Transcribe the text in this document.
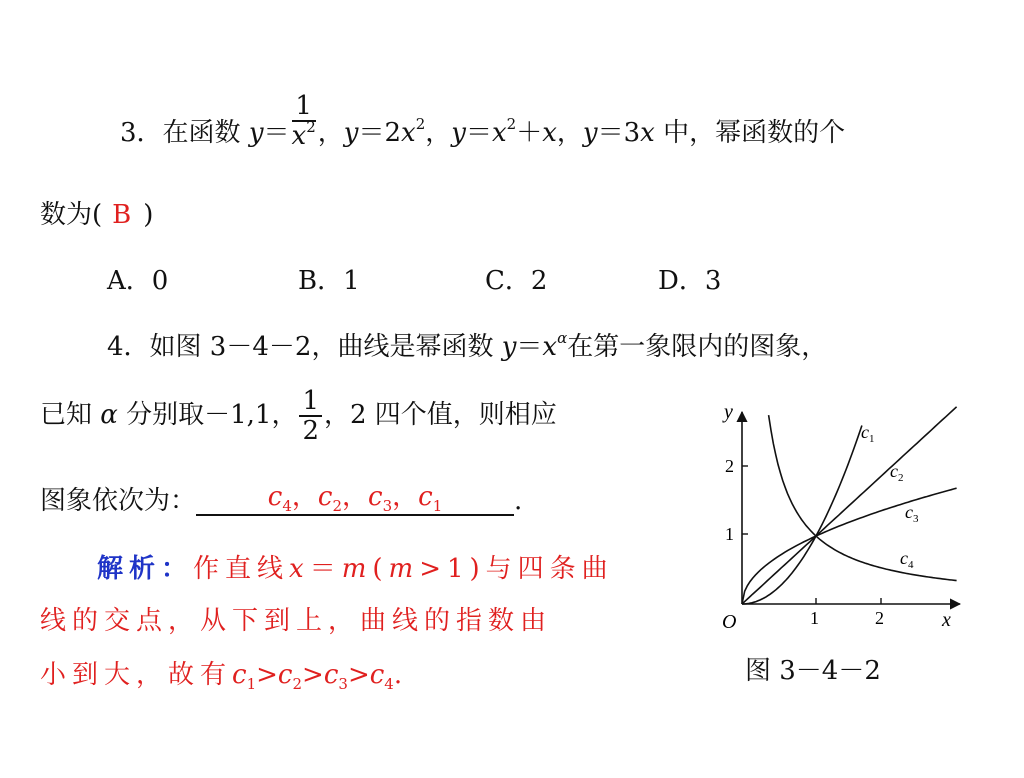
3．在函数 $y= \frac{1}{x^2}$ ，$y=2x^2$，$y=x^2+x$，y＝3x 中，幂函数的个
数为( B )
A．0	B．1	C．2	D．3
4．如图 3－4－2，曲线是幂函数 $y=x^\alpha$在第一象限内的图象，
已知 α 分别取－1,1， $\frac{1}{2}$ ，2 四个值，则相应
图象依次为：	$c_4$，$c_2$，$c_3$，$c_1$	.
解析：作直线x＝m(m>1)与四条曲
线的交点，从下到上，曲线的指数由
小到大，故有$c_1>c_2>c_3>c_4$.
y
x
O	1	2
1
2
$c_1$
$c_2$
$c_3$
$c_4$
图 3－4－2
